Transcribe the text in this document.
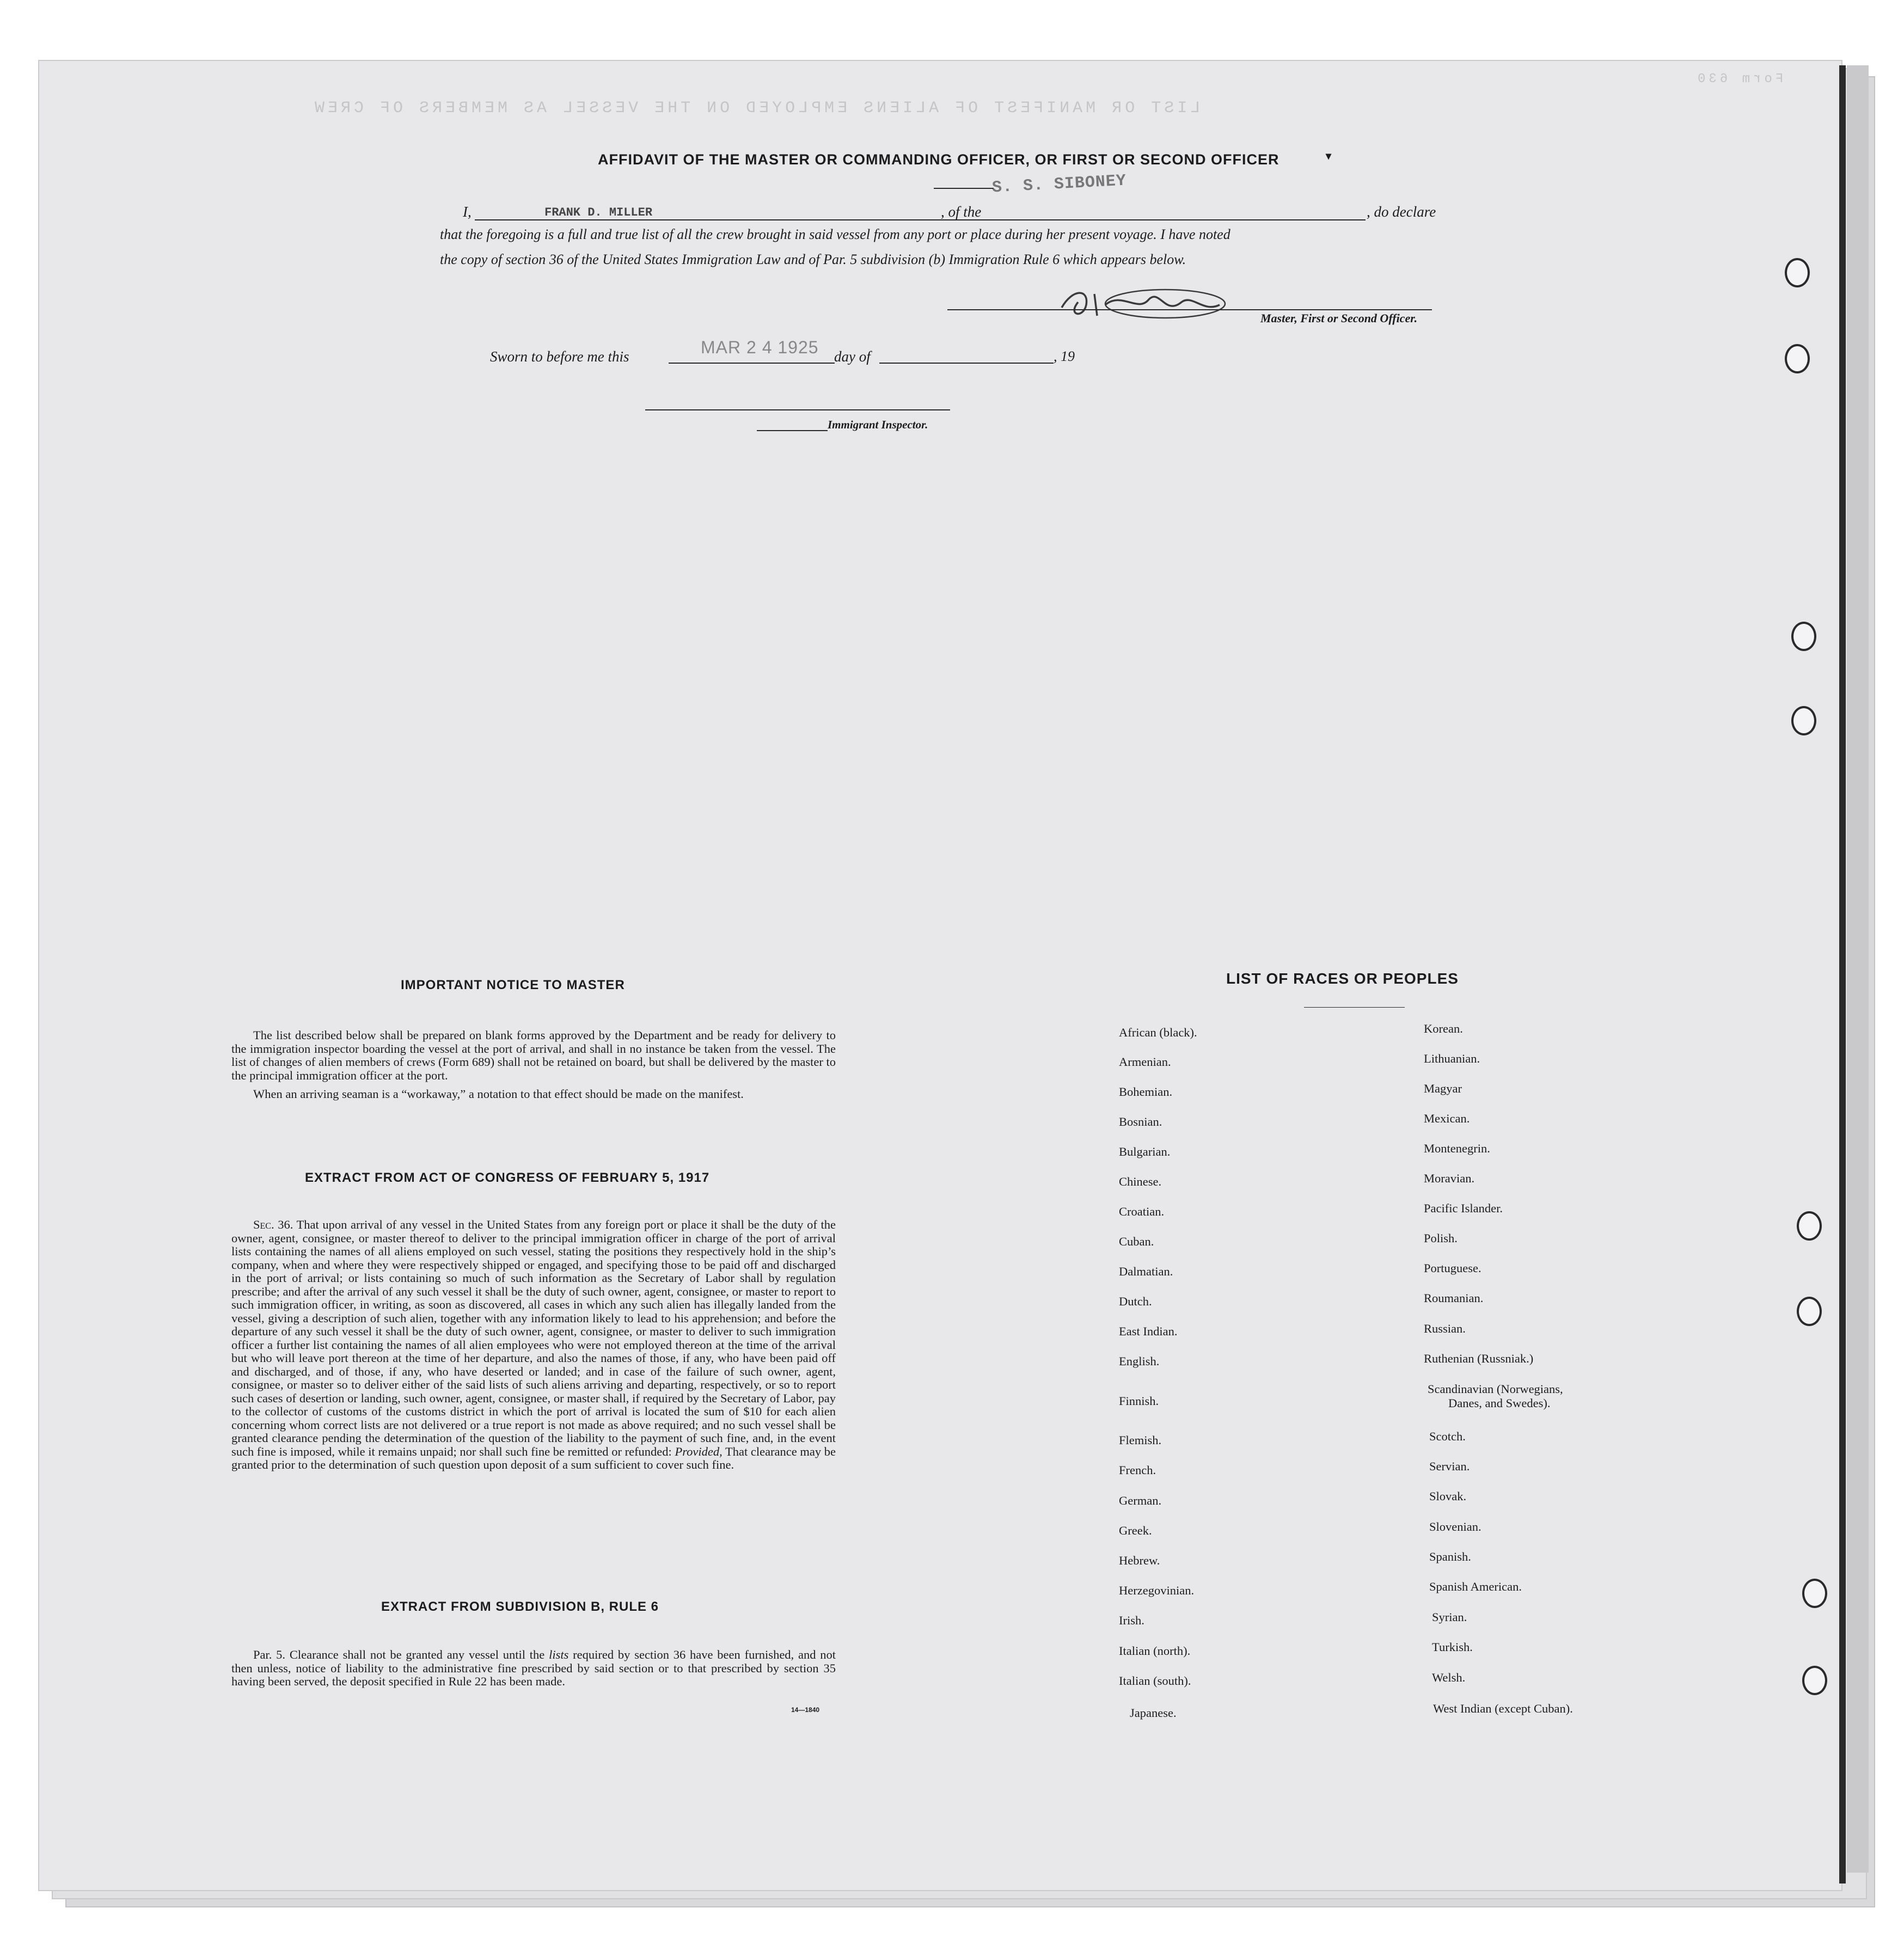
LIST OR MANIFEST OF ALIENS EMPLOYED ON THE VESSEL AS MEMBERS OF CREW
Form 630
AFFIDAVIT OF THE MASTER OR COMMANDING OFFICER, OR FIRST OR SECOND OFFICER	▾
I,	FRANK D. MILLER	, of the
S. S. SIBONEY
, do declare
that the foregoing is a full and true list of all the crew brought in said vessel from any port or place during her present voyage. I have noted
the copy of section 36 of the United States Immigration Law and of Par. 5 subdivision (b) Immigration Rule 6 which appears below.
Master, First or Second Officer.
Sworn to before me this	MAR 2 4 1925 day of	, 19
Immigrant Inspector.
IMPORTANT NOTICE TO MASTER

The list described below shall be prepared on blank forms approved by the Department and be ready for delivery to the immigration inspector boarding the vessel at the port of arrival, and shall in no instance be taken from the vessel. The list of changes of alien members of crews (Form 689) shall not be retained on board, but shall be delivered by the master to the principal immigration officer at the port.

When an arriving seaman is a “workaway,” a notation to that effect should be made on the manifest.

EXTRACT FROM ACT OF CONGRESS OF FEBRUARY 5, 1917

Sec. 36. That upon arrival of any vessel in the United States from any foreign port or place it shall be the duty of the owner, agent, consignee, or master thereof to deliver to the principal immigration officer in charge of the port of arrival lists containing the names of all aliens employed on such vessel, stating the positions they respectively hold in the ship’s company, when and where they were respectively shipped or engaged, and specifying those to be paid off and discharged in the port of arrival; or lists containing so much of such information as the Secretary of Labor shall by regulation prescribe; and after the arrival of any such vessel it shall be the duty of such owner, agent, consignee, or master to report to such immigration officer, in writing, as soon as discovered, all cases in which any such alien has illegally landed from the vessel, giving a description of such alien, together with any information likely to lead to his apprehension; and before the departure of any such vessel it shall be the duty of such owner, agent, consignee, or master to deliver to such immigration officer a further list containing the names of all alien employees who were not employed thereon at the time of the arrival but who will leave port thereon at the time of her departure, and also the names of those, if any, who have been paid off and discharged, and of those, if any, who have deserted or landed; and in case of the failure of such owner, agent, consignee, or master so to deliver either of the said lists of such aliens arriving and departing, respectively, or so to report such cases of desertion or landing, such owner, agent, consignee, or master shall, if required by the Secretary of Labor, pay to the collector of customs of the customs district in which the port of arrival is located the sum of $10 for each alien concerning whom correct lists are not delivered or a true report is not made as above required; and no such vessel shall be granted clearance pending the determination of the question of the liability to the payment of such fine, and, in the event such fine is imposed, while it remains unpaid; nor shall such fine be remitted or refunded: Provided, That clearance may be granted prior to the determination of such question upon deposit of a sum sufficient to cover such fine.

EXTRACT FROM SUBDIVISION B, RULE 6

Par. 5. Clearance shall not be granted any vessel until the lists required by section 36 have been furnished, and not then unless, notice of liability to the administrative fine prescribed by said section or to that prescribed by section 35 having been served, the deposit specified in Rule 22 has been made.

14—1840
LIST OF RACES OR PEOPLES
African (black).
Armenian.
Bohemian.
Bosnian.
Bulgarian.
Chinese.
Croatian.
Cuban.
Dalmatian.
Dutch.
East Indian.
English.
Finnish.
Flemish.
French.
German.
Greek.
Hebrew.
Herzegovinian.
Irish.
Italian (north).
Italian (south).
Japanese.
Korean.
Lithuanian.
Magyar
Mexican.
Montenegrin.
Moravian.
Pacific Islander.
Polish.
Portuguese.
Roumanian.
Russian.
Ruthenian (Russniak.)
Scandinavian (Norwegians,
Danes, and Swedes).
Scotch.
Servian.
Slovak.
Slovenian.
Spanish.
Spanish American.
Syrian.
Turkish.
Welsh.
West Indian (except Cuban).
